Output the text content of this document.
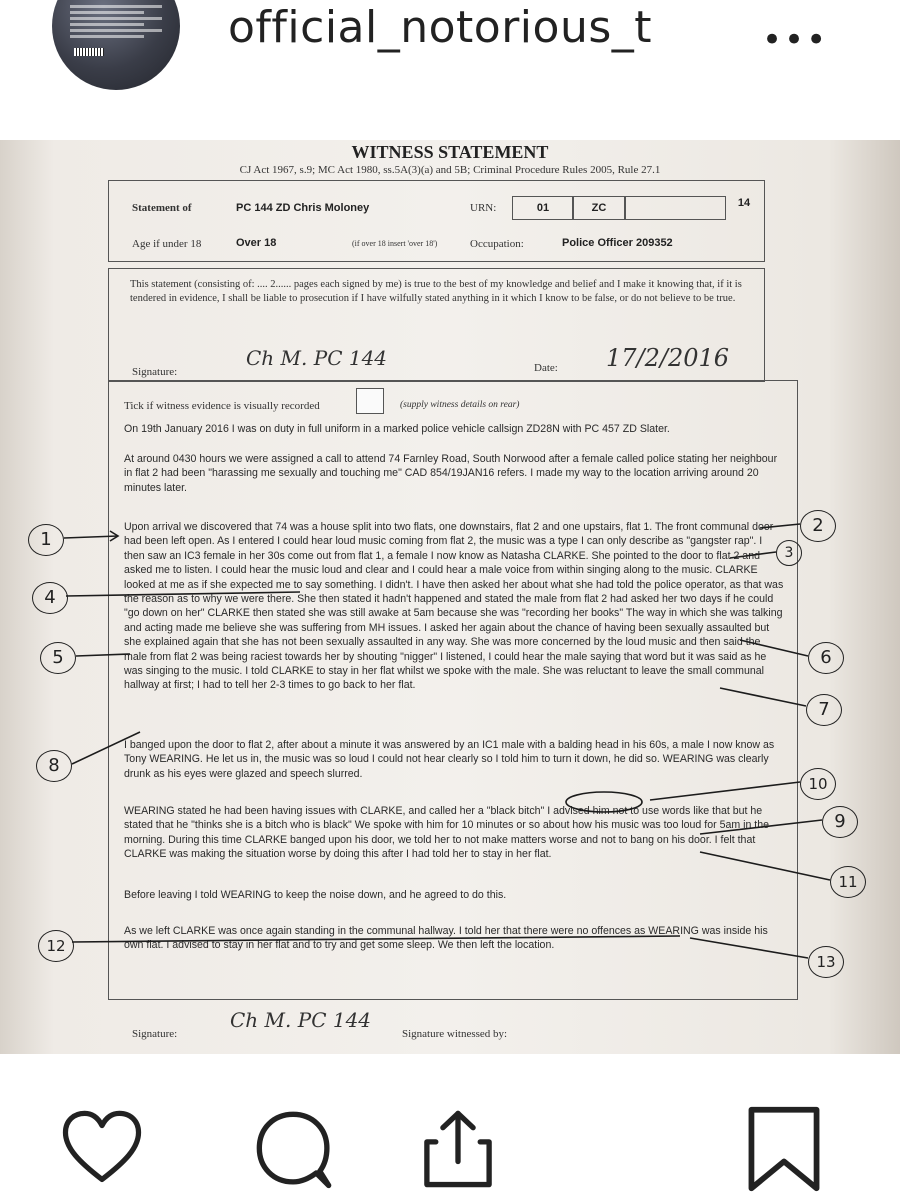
official_notorious_t	•••
WITNESS STATEMENT
CJ Act 1967, s.9; MC Act 1980, ss.5A(3)(a) and 5B; Criminal Procedure Rules 2005, Rule 27.1
Statement of	PC 144 ZD Chris Moloney	URN:	01	ZC	14
Age if under 18	Over 18	(if over 18 insert 'over 18')	Occupation:	Police Officer 209352
This statement (consisting of: .... 2...... pages each signed by me) is true to the best of my knowledge and belief and I make it knowing that, if it is tendered in evidence, I shall be liable to prosecution if I have wilfully stated anything in it which I know to be false, or do not believe to be true.
Signature:
Ch M. PC 144	Date: 17/2/2016
Tick if witness evidence is visually recorded	(supply witness details on rear)
On 19th January 2016 I was on duty in full uniform in a marked police vehicle callsign ZD28N with PC 457 ZD Slater.
At around 0430 hours we were assigned a call to attend 74 Farnley Road, South Norwood after a female called police stating her neighbour in flat 2 had been "harassing me sexually and touching me" CAD 854/19JAN16 refers. I made my way to the location arriving around 20 minutes later.
Upon arrival we discovered that 74 was a house split into two flats, one downstairs, flat 2 and one upstairs, flat 1. The front communal door had been left open. As I entered I could hear loud music coming from flat 2, the music was a type I can only describe as "gangster rap". I then saw an IC3 female in her 30s come out from flat 1, a female I now know as Natasha CLARKE. She pointed to the door to flat 2 and asked me to listen. I could hear the music loud and clear and I could hear a male voice from within singing along to the music. CLARKE looked at me as if she expected me to say something. I didn't. I have then asked her about what she had told the police operator, as that was the reason as to why we were there. She then stated it hadn't happened and stated the male from flat 2 had asked her two days if he could "go down on her" CLARKE then stated she was still awake at 5am because she was "recording her books" The way in which she was talking and acting made me believe she was suffering from MH issues. I asked her again about the chance of having been sexually assaulted but she explained again that she has not been sexually assaulted in any way. She was more concerned by the loud music and then said the male from flat 2 was being raciest towards her by shouting "nigger" I listened, I could hear the male saying that word but it was said as he was singing to the music. I told CLARKE to stay in her flat whilst we spoke with the male. She was reluctant to leave the small communal hallway at first; I had to tell her 2-3 times to go back to her flat.
I banged upon the door to flat 2, after about a minute it was answered by an IC1 male with a balding head in his 60s, a male I now know as Tony WEARING. He let us in, the music was so loud I could not hear clearly so I told him to turn it down, he did so. WEARING was clearly drunk as his eyes were glazed and speech slurred.
WEARING stated he had been having issues with CLARKE, and called her a "black bitch" I advised him not to use words like that but he stated that he "thinks she is a bitch who is black" We spoke with him for 10 minutes or so about how his music was too loud for 5am in the morning. During this time CLARKE banged upon his door, we told her to not make matters worse and not to bang on his door. I felt that CLARKE was making the situation worse by doing this after I had told her to stay in her flat.
Before leaving I told WEARING to keep the noise down, and he agreed to do this.
As we left CLARKE was once again standing in the communal hallway. I told her that there were no offences as WEARING was inside his own flat. I advised to stay in her flat and to try and get some sleep. We then left the location.
Signature:
Ch M. PC 144
Signature witnessed by:
1
2
3
4
5	6
7
8
9
10
11
12
13
